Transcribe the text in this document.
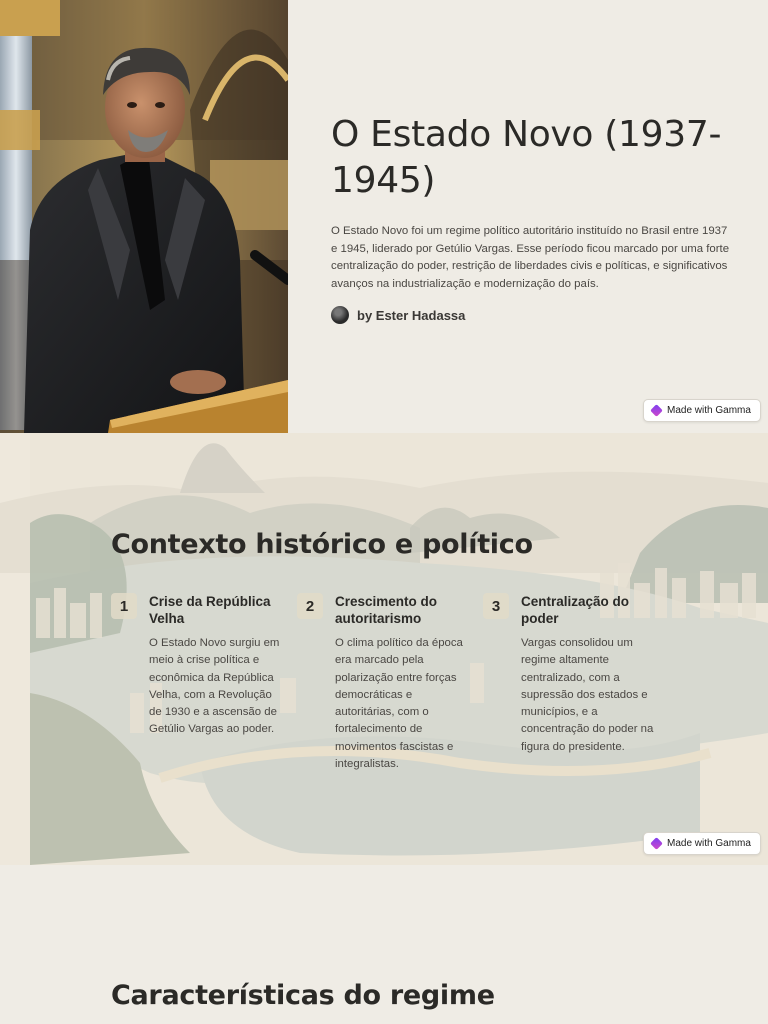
O Estado Novo (1937-1945)

O Estado Novo foi um regime político autoritário instituído no Brasil entre 1937 e 1945, liderado por Getúlio Vargas. Esse período ficou marcado por uma forte centralização do poder, restrição de liberdades civis e políticas, e significativos avanços na industrialização e modernização do país.

by Ester Hadassa
Made with Gamma
Contexto histórico e político
1	Crise da República Velha
O Estado Novo surgiu em meio à crise política e econômica da República Velha, com a Revolução de 1930 e a ascensão de Getúlio Vargas ao poder.
2	Crescimento do autoritarismo
O clima político da época era marcado pela polarização entre forças democráticas e autoritárias, com o fortalecimento de movimentos fascistas e integralistas.
3	Centralização do poder
Vargas consolidou um regime altamente centralizado, com a supressão dos estados e municípios, e a concentração do poder na figura do presidente.
Made with Gamma
Características do regime
